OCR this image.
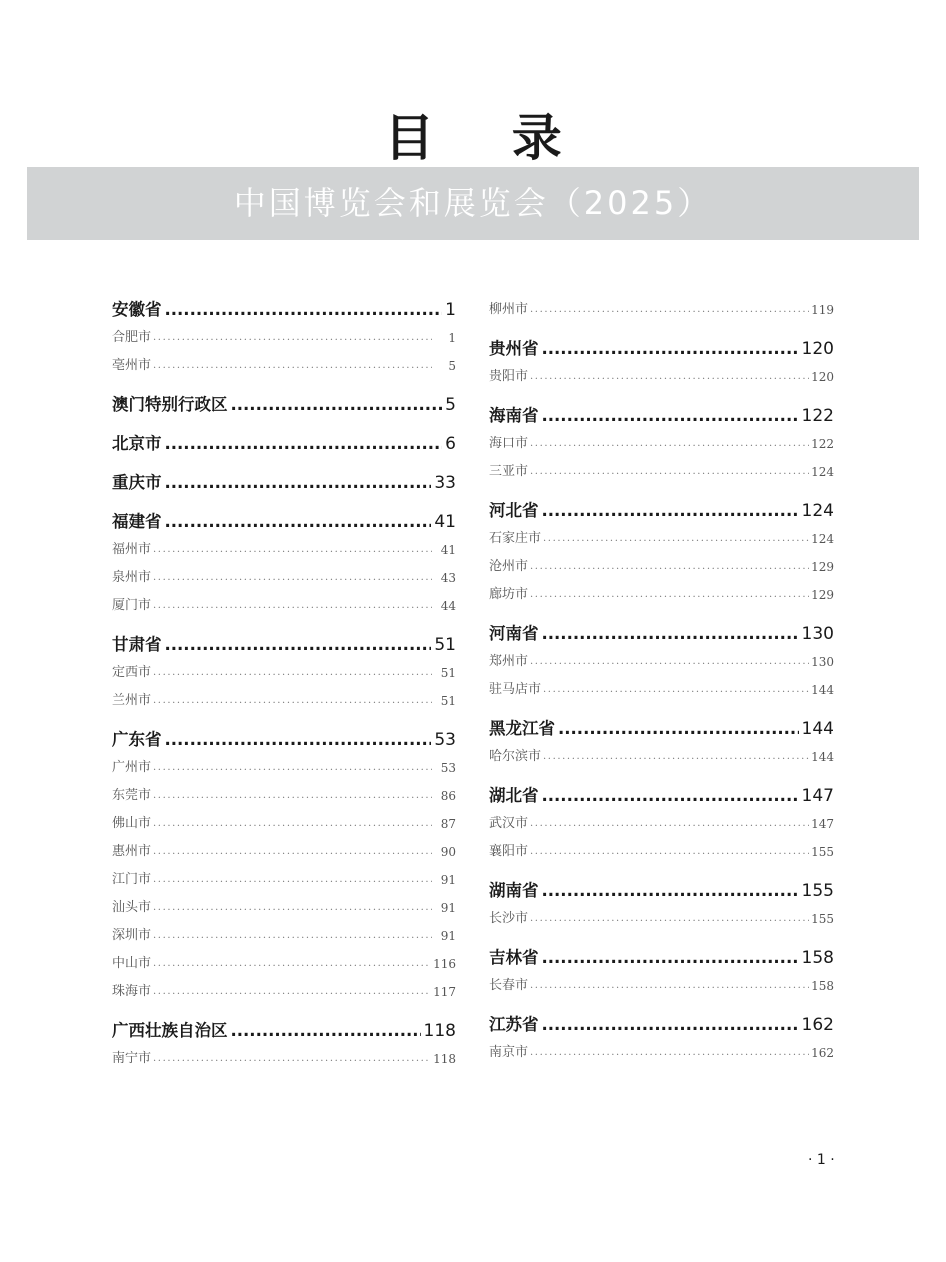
目 录
中国博览会和展览会（2025）
安徽省 .....	1
合肥市 .....	1
亳州市 .....	5
澳门特别行政区 .....	5
北京市 .....	6
重庆市 .....	33
福建省 .....	41
福州市 .....	41
泉州市 .....	43
厦门市 .....	44
甘肃省 .....	51
定西市 .....	51
兰州市 .....	51
广东省 .....	53
广州市 .....	53
东莞市 .....	86
佛山市 .....	87
惠州市 .....	90
江门市 .....	91
汕头市 .....	91
深圳市 .....	91
中山市 .....	116
珠海市 .....	117
广西壮族自治区 .....	118
南宁市 .....	118
柳州市 .....	119
贵州省 .....	120
贵阳市 .....	120
海南省 .....	122
海口市 .....	122
三亚市 .....	124
河北省 .....	124
石家庄市 .....	124
沧州市 .....	129
廊坊市 .....	129
河南省 .....	130
郑州市 .....	130
驻马店市 .....	144
黑龙江省 .....	144
哈尔滨市 .....	144
湖北省 .....	147
武汉市 .....	147
襄阳市 .....	155
湖南省 .....	155
长沙市 .....	155
吉林省 .....	158
长春市 .....	158
江苏省 .....	162
南京市 .....	162
· 1 ·
